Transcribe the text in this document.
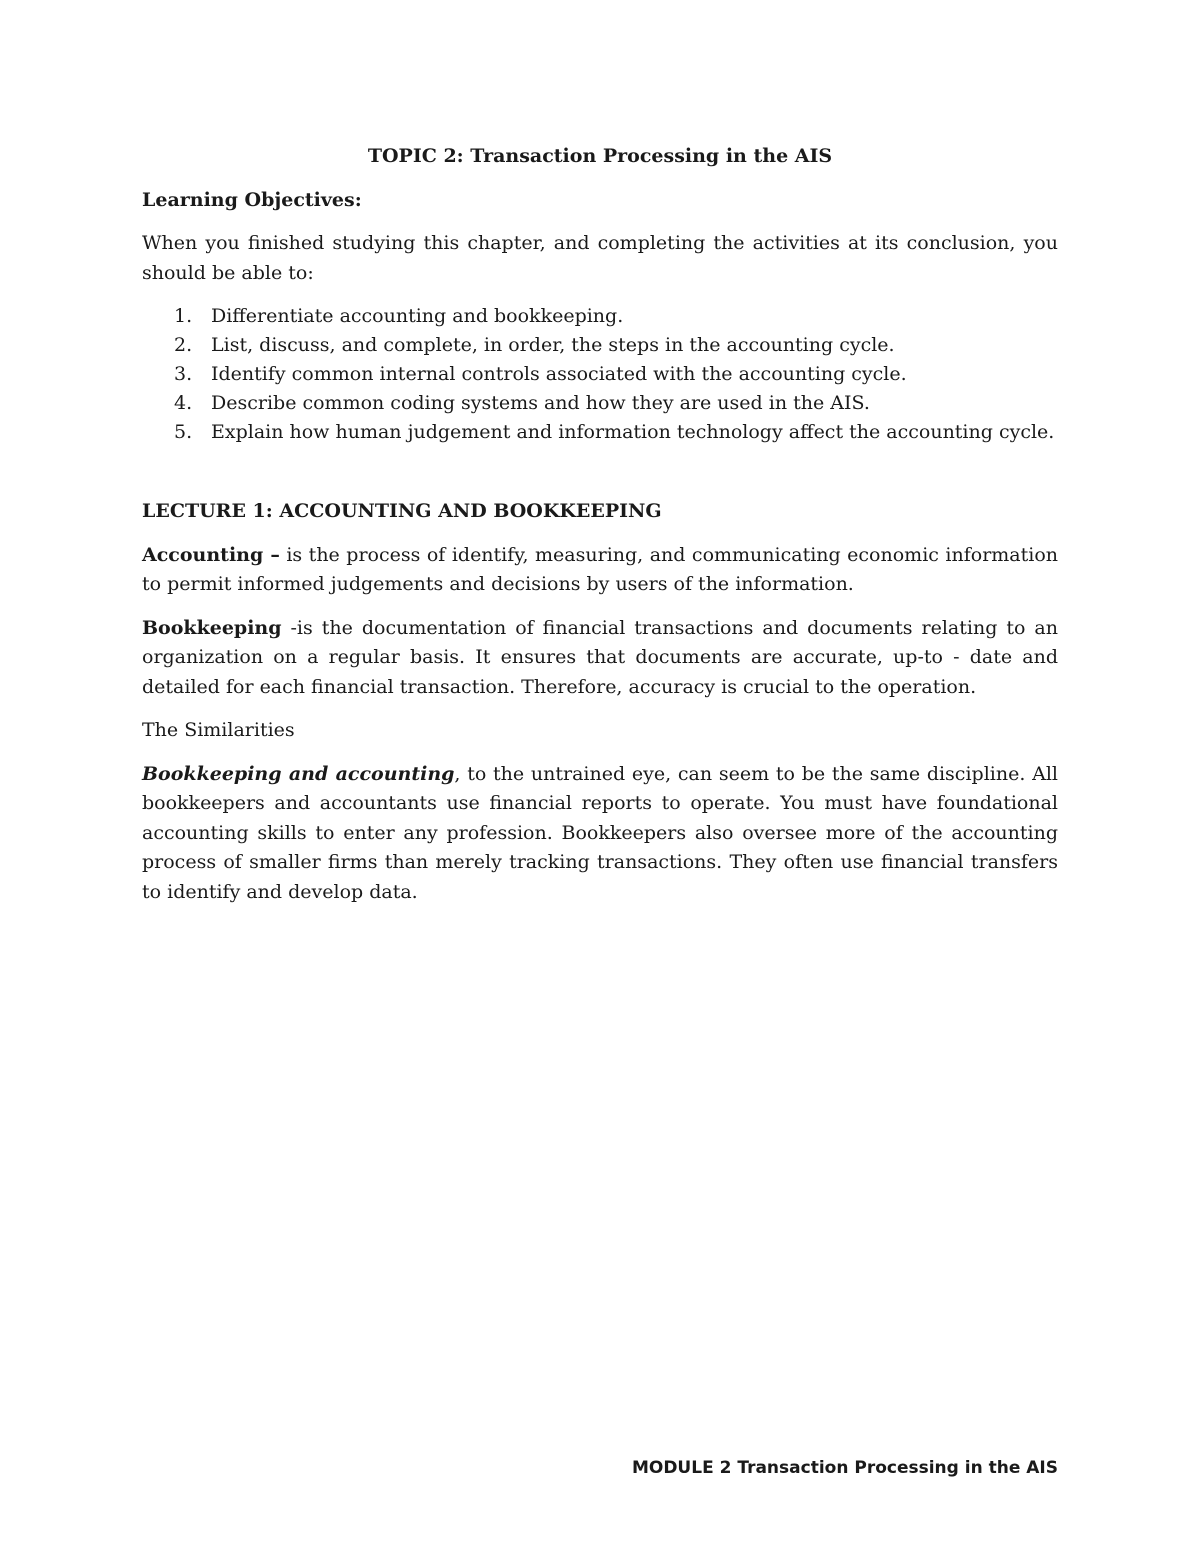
TOPIC 2: Transaction Processing in the AIS

Learning Objectives:

When you finished studying this chapter, and completing the activities at its conclusion, you should be able to:

1. Differentiate accounting and bookkeeping.
2. List, discuss, and complete, in order, the steps in the accounting cycle.
3. Identify common internal controls associated with the accounting cycle.
4. Describe common coding systems and how they are used in the AIS.
5. Explain how human judgement and information technology affect the accounting cycle.

LECTURE 1: ACCOUNTING AND BOOKKEEPING

Accounting – is the process of identify, measuring, and communicating economic information to permit informed judgements and decisions by users of the information.

Bookkeeping -is the documentation of financial transactions and documents relating to an organization on a regular basis. It ensures that documents are accurate, up-to - date and detailed for each financial transaction. Therefore, accuracy is crucial to the operation.

The Similarities

Bookkeeping and accounting, to the untrained eye, can seem to be the same discipline. All bookkeepers and accountants use financial reports to operate. You must have foundational accounting skills to enter any profession. Bookkeepers also oversee more of the accounting process of smaller firms than merely tracking transactions. They often use financial transfers to identify and develop data.

MODULE 2 Transaction Processing in the AIS
